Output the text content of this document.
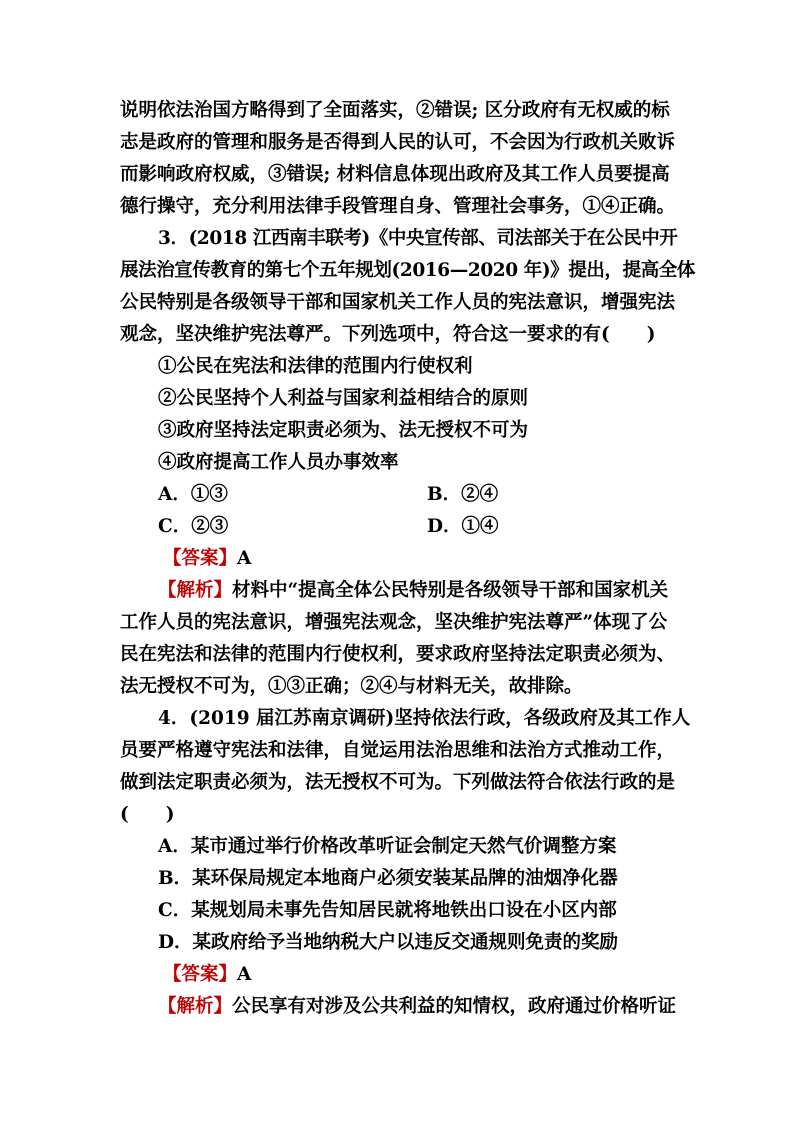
说明依法治国方略得到了全面落实，②错误; 区分政府有无权威的标
志是政府的管理和服务是否得到人民的认可，不会因为行政机关败诉
而影响政府权威，③错误; 材料信息体现出政府及其工作人员要提高
德行操守，充分利用法律手段管理自身、管理社会事务，①④正确。
3．(2018 江西南丰联考)《中央宣传部、司法部关于在公民中开
展法治宣传教育的第七个五年规划(2016—2020 年)》提出，提高全体
公民特别是各级领导干部和国家机关工作人员的宪法意识，增强宪法
观念，坚决维护宪法尊严。下列选项中，符合这一要求的有(　　)
①公民在宪法和法律的范围内行使权利
②公民坚持个人利益与国家利益相结合的原则
③政府坚持法定职责必须为、法无授权不可为
④政府提高工作人员办事效率
A．①③	B．②④
C．②③	D．①④
【答案】A
【解析】材料中“提高全体公民特别是各级领导干部和国家机关
工作人员的宪法意识，增强宪法观念，坚决维护宪法尊严”体现了公
民在宪法和法律的范围内行使权利，要求政府坚持法定职责必须为、
法无授权不可为，①③正确；②④与材料无关，故排除。
4．(2019 届江苏南京调研)坚持依法行政，各级政府及其工作人
员要严格遵守宪法和法律，自觉运用法治思维和法治方式推动工作，
做到法定职责必须为，法无授权不可为。下列做法符合依法行政的是
(　　)
A．某市通过举行价格改革听证会制定天然气价调整方案
B．某环保局规定本地商户必须安装某品牌的油烟净化器
C．某规划局未事先告知居民就将地铁出口设在小区内部
D．某政府给予当地纳税大户以违反交通规则免责的奖励
【答案】A
【解析】公民享有对涉及公共利益的知情权，政府通过价格听证
